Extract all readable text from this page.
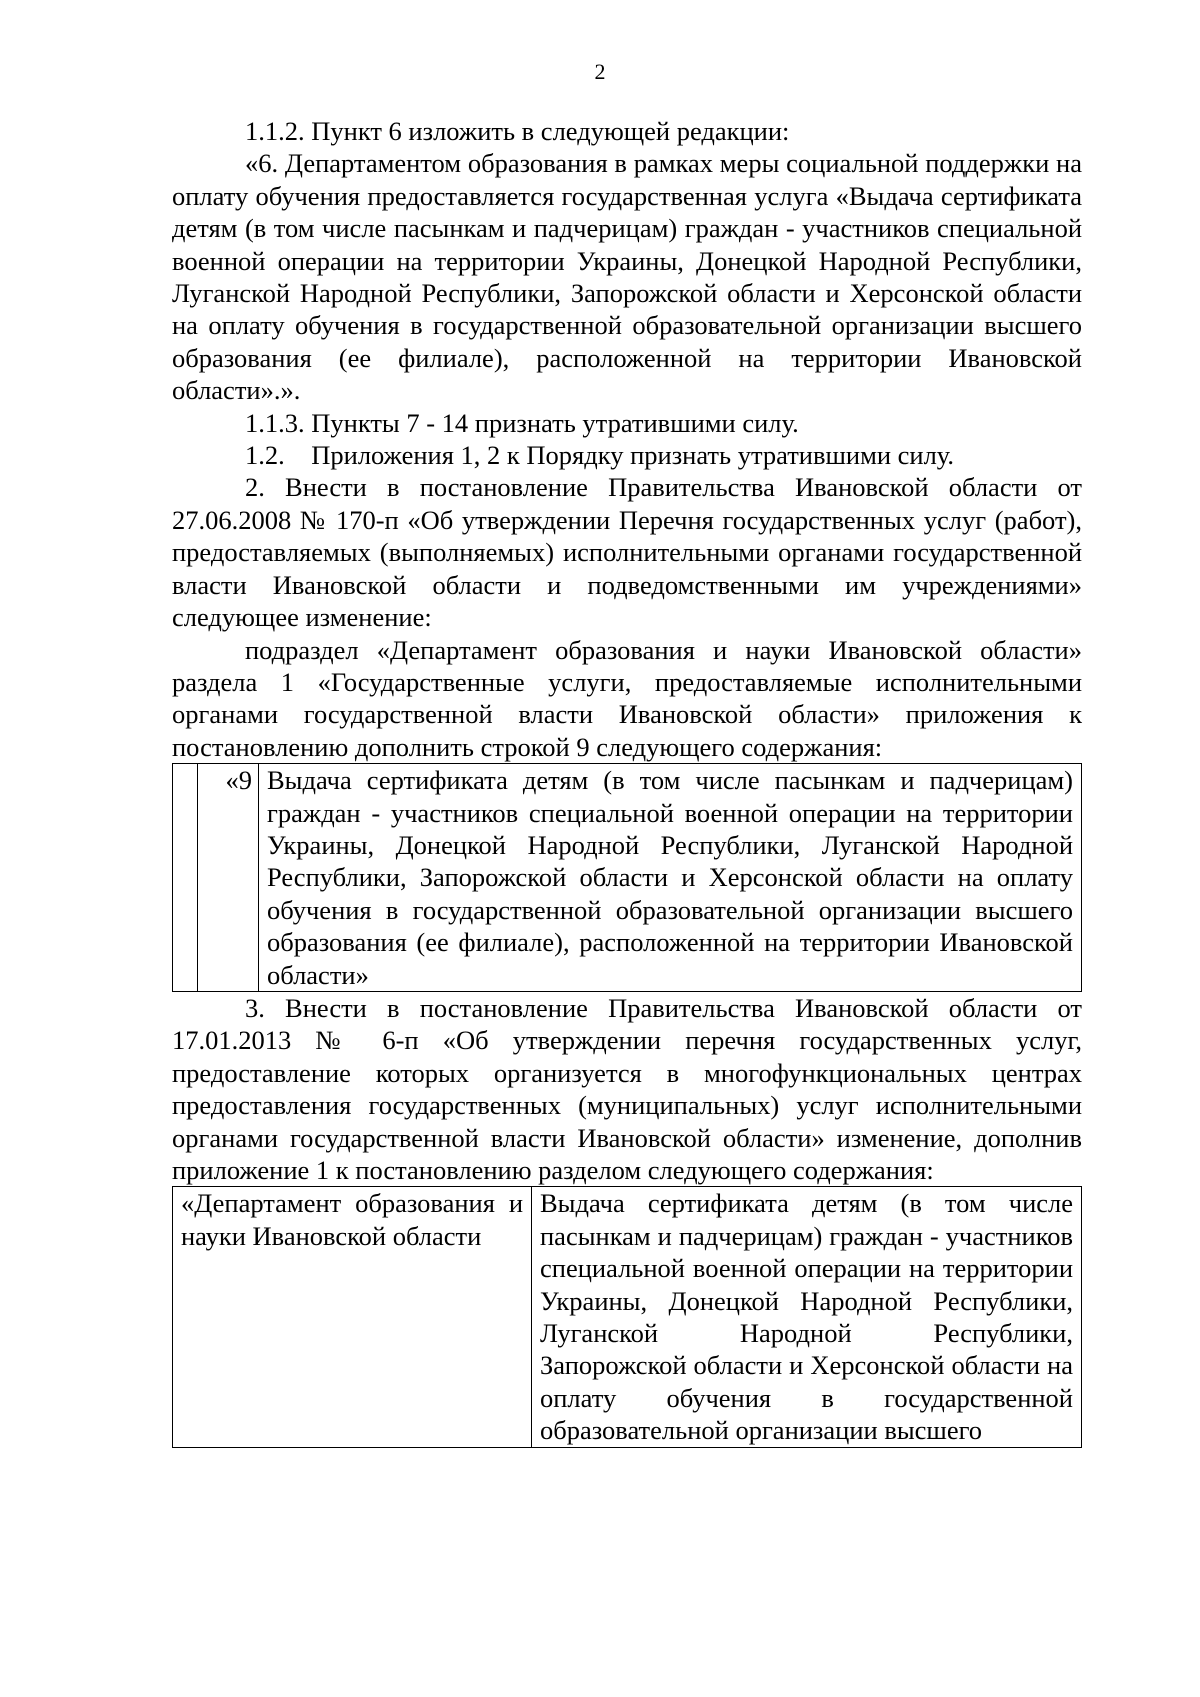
2

1.1.2. Пункт 6 изложить в следующей редакции:

«6. Департаментом образования в рамках меры социальной поддержки на оплату обучения предоставляется государственная услуга «Выдача сертификата детям (в том числе пасынкам и падчерицам) граждан - участников специальной военной операции на территории Украины, Донецкой Народной Республики, Луганской Народной Республики, Запорожской области и Херсонской области на оплату обучения в государственной образовательной организации высшего образования (ее филиале), расположенной на территории Ивановской области».».

1.1.3. Пункты 7 - 14 признать утратившими силу.

1.2. Приложения 1, 2 к Порядку признать утратившими силу.

2. Внести в постановление Правительства Ивановской области от 27.06.2008 № 170-п «Об утверждении Перечня государственных услуг (работ), предоставляемых (выполняемых) исполнительными органами государственной власти Ивановской области и подведомственными им учреждениями» следующее изменение:

подраздел «Департамент образования и науки Ивановской области» раздела 1 «Государственные услуги, предоставляемые исполнительными органами государственной власти Ивановской области» приложения к постановлению дополнить строкой 9 следующего содержания:

	«9	Выдача сертификата детям (в том числе пасынкам и падчерицам) граждан - участников специальной военной операции на территории Украины, Донецкой Народной Республики, Луганской Народной Республики, Запорожской области и Херсонской области на оплату обучения в государственной образовательной организации высшего образования (ее филиале), расположенной на территории Ивановской области»

3. Внести в постановление Правительства Ивановской области от 17.01.2013 № 6-п «Об утверждении перечня государственных услуг, предоставление которых организуется в многофункциональных центрах предоставления государственных (муниципальных) услуг исполнительными органами государственной власти Ивановской области» изменение, дополнив приложение 1 к постановлению разделом следующего содержания:

«Департамент образования и науки Ивановской области	Выдача сертификата детям (в том числе пасынкам и падчерицам) граждан - участников специальной военной операции на территории Украины, Донецкой Народной Республики, Луганской Народной Республики, Запорожской области и Херсонской области на оплату обучения в государственной образовательной организации высшего
